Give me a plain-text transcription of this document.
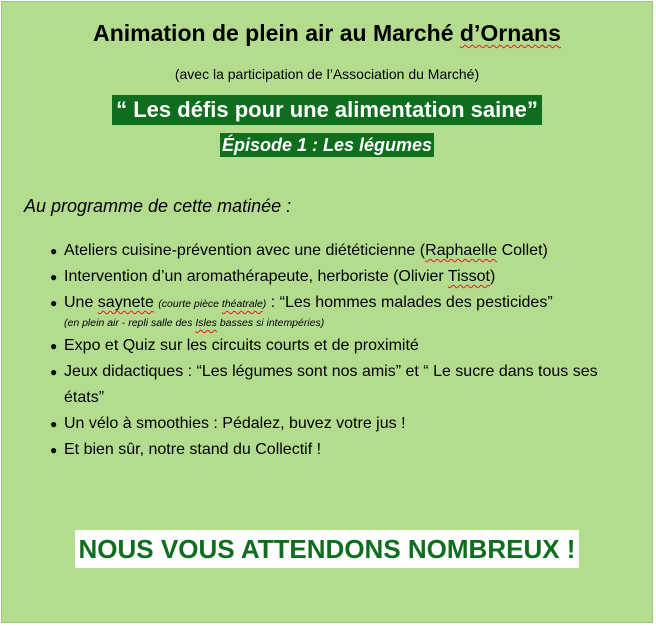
Animation de plein air au Marché d’Ornans
(avec la participation de l’Association du Marché)
“ Les défis pour une alimentation saine”
Épisode 1 : Les légumes
Au programme de cette matinée :
● Ateliers cuisine-prévention avec une diététicienne (Raphaelle Collet)
● Intervention d’un aromathérapeute, herboriste (Olivier Tissot)
● Une saynete (courte pièce théatrale) : “Les hommes malades des pesticides”
(en plein air - repli salle des Isles basses si intempéries)
● Expo et Quiz sur les circuits courts et de proximité
● Jeux didactiques : “Les légumes sont nos amis” et “ Le sucre dans tous ses états”
● Un vélo à smoothies : Pédalez, buvez votre jus !
● Et bien sûr, notre stand du Collectif !
NOUS VOUS ATTENDONS NOMBREUX !
